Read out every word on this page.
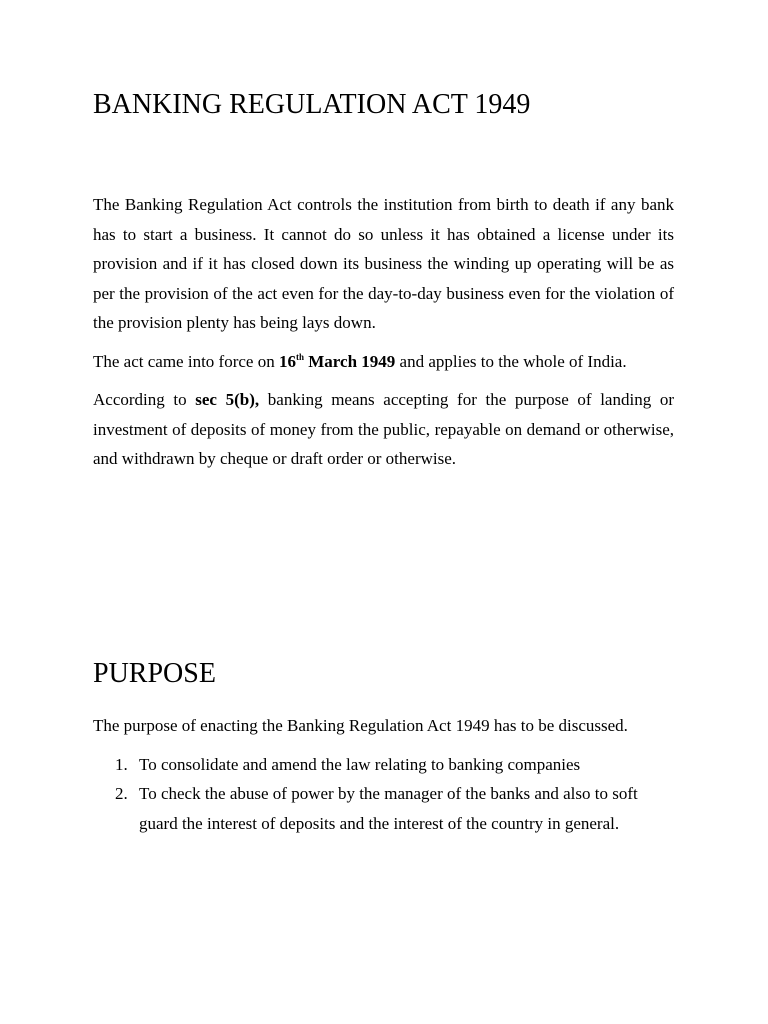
BANKING REGULATION ACT 1949

The Banking Regulation Act controls the institution from birth to death if any bank has to start a business. It cannot do so unless it has obtained a license under its provision and if it has closed down its business the winding up operating will be as per the provision of the act even for the day-to-day business even for the violation of the provision plenty has being lays down.

The act came into force on 16th March 1949 and applies to the whole of India.

According to sec 5(b), banking means accepting for the purpose of landing or investment of deposits of money from the public, repayable on demand or otherwise, and withdrawn by cheque or draft order or otherwise.

PURPOSE

The purpose of enacting the Banking Regulation Act 1949 has to be discussed.

1. To consolidate and amend the law relating to banking companies
2. To check the abuse of power by the manager of the banks and also to soft guard the interest of deposits and the interest of the country in general.
